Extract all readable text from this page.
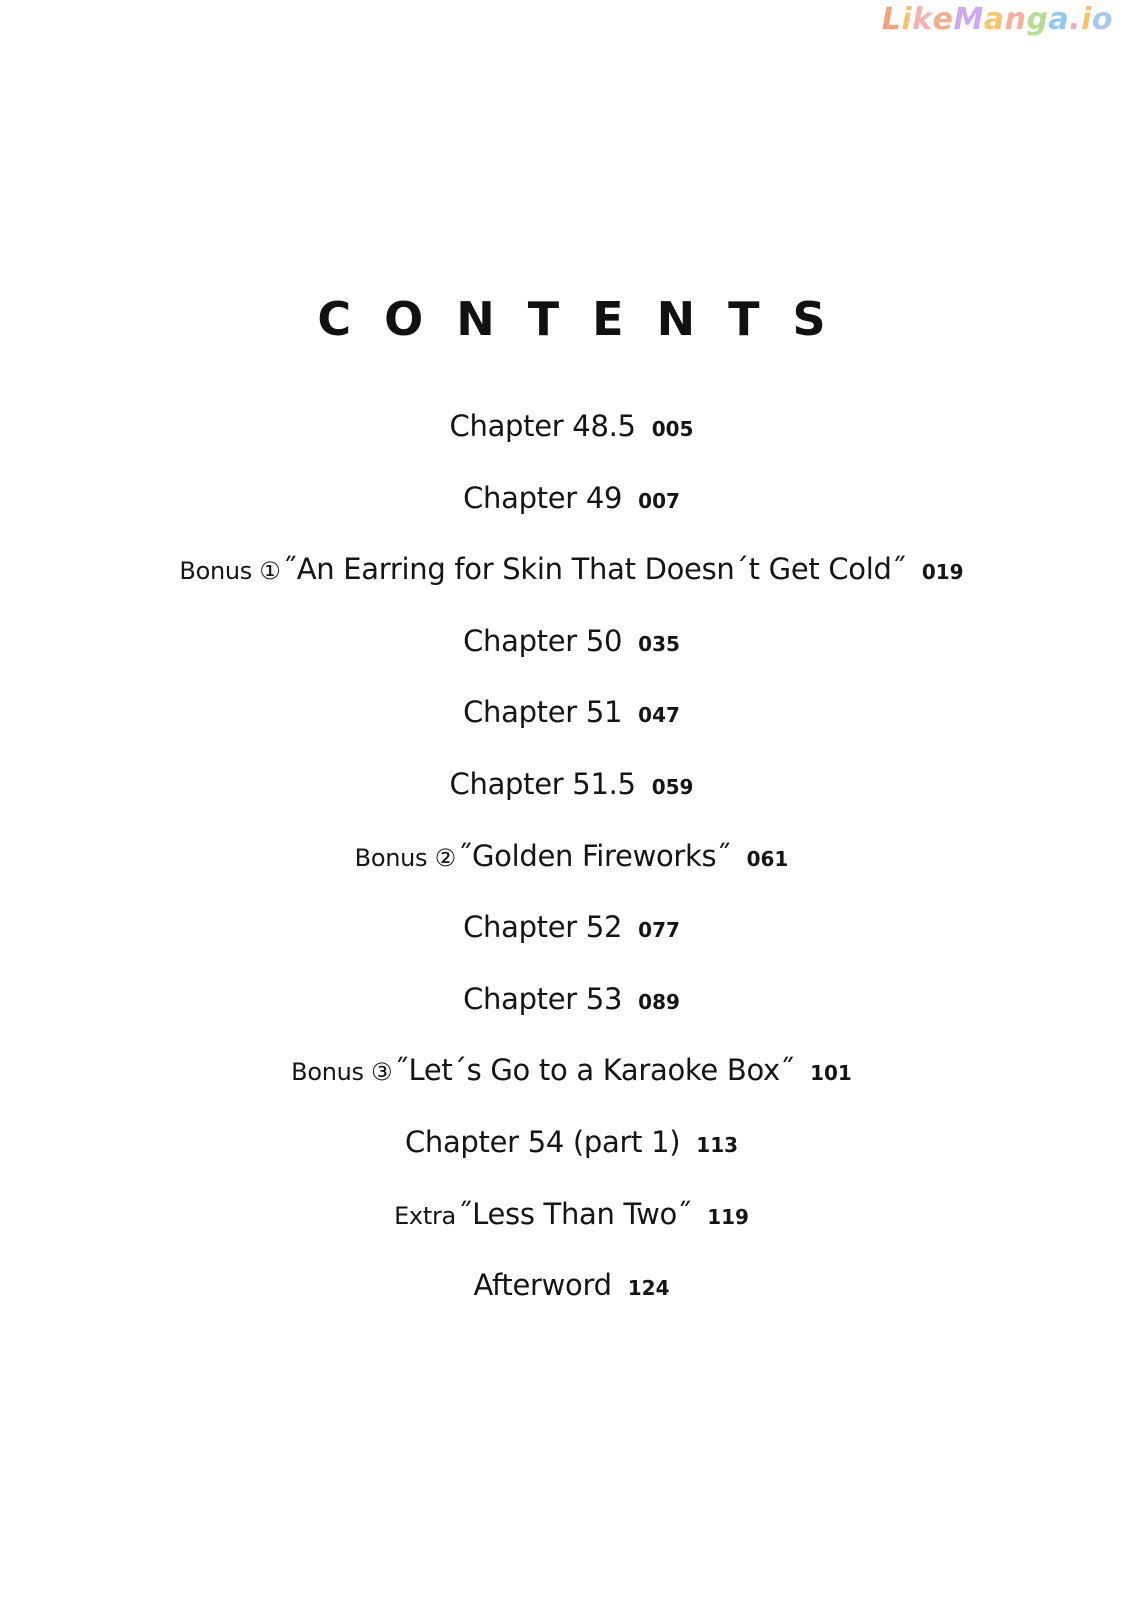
LikeManga.io
CONTENTS
Chapter 48.5 005
Chapter 49 007
Bonus ①˝An Earring for Skin That Doesn´t Get Cold˝ 019
Chapter 50 035
Chapter 51 047
Chapter 51.5 059
Bonus ②˝Golden Fireworks˝ 061
Chapter 52 077
Chapter 53 089
Bonus ③˝Let´s Go to a Karaoke Box˝ 101
Chapter 54 (part 1) 113
Extra˝Less Than Two˝ 119
Afterword 124
